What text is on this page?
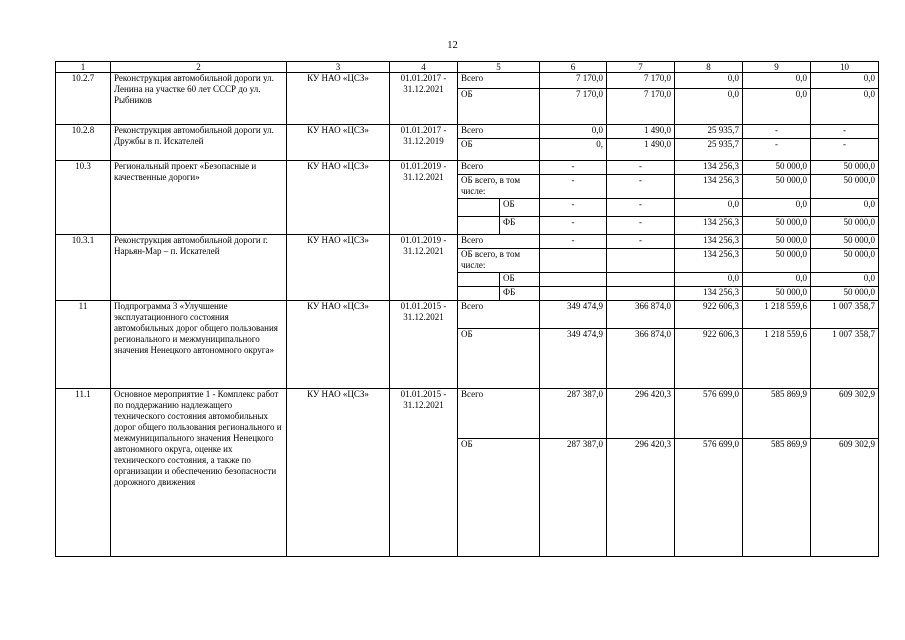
12
1	2	3	4	5		6	7	8	9	10
10.2.7	Реконструкция автомобильной дороги ул. Ленина на участке 60 лет СССР до ул. Рыбников	КУ НАО «ЦСЗ»	01.01.2017 - 31.12.2021	Всего		7 170,0	7 170,0	0,0	0,0	0,0
				ОБ		7 170,0	7 170,0	0,0	0,0	0,0
10.2.8	Реконструкция автомобильной дороги ул. Дружбы в п. Искателей	КУ НАО «ЦСЗ»	01.01.2017 - 31.12.2019	Всего		0,0	1 490,0	25 935,7	-	-
				ОБ		0,	1 490,0	25 935,7	-	-
10.3	Региональный проект «Безопасные и качественные дороги»	КУ НАО «ЦСЗ»	01.01.2019 - 31.12.2021	Всего		-	-	134 256,3	50 000,0	50 000,0
				ОБ всего, в том числе:		-	-	134 256,3	50 000,0	50 000,0
					ОБ	-	-	0,0	0,0	0,0
					ФБ	-	-	134 256,3	50 000,0	50 000,0
10.3.1	Реконструкция автомобильной дороги г. Нарьян-Мар – п. Искателей	КУ НАО «ЦСЗ»	01.01.2019 - 31.12.2021	Всего		-	-	134 256,3	50 000,0	50 000,0
				ОБ всего, в том числе:				134 256,3	50 000,0	50 000,0
					ОБ			0,0	0,0	0,0
					ФБ			134 256,3	50 000,0	50 000,0
11	Подпрограмма 3 «Улучшение эксплуатационного состояния автомобильных дорог общего пользования регионального и межмуниципального значения Ненецкого автономного округа»	КУ НАО «ЦСЗ»	01.01.2015 - 31.12.2021	Всего		349 474,9	366 874,0	922 606,3	1 218 559,6	1 007 358,7
				ОБ		349 474,9	366 874,0	922 606,3	1 218 559,6	1 007 358,7
11.1	Основное мероприятие 1 - Комплекс работ по поддержанию надлежащего технического состояния автомобильных дорог общего пользования регионального и межмуниципального значения Ненецкого автономного округа, оценке их технического состояния, а также по организации и обеспечению безопасности дорожного движения	КУ НАО «ЦСЗ»	01.01.2015 - 31.12.2021	Всего		287 387,0	296 420,3	576 699,0	585 869,9	609 302,9
				ОБ		287 387,0	296 420,3	576 699,0	585 869,9	609 302,9
